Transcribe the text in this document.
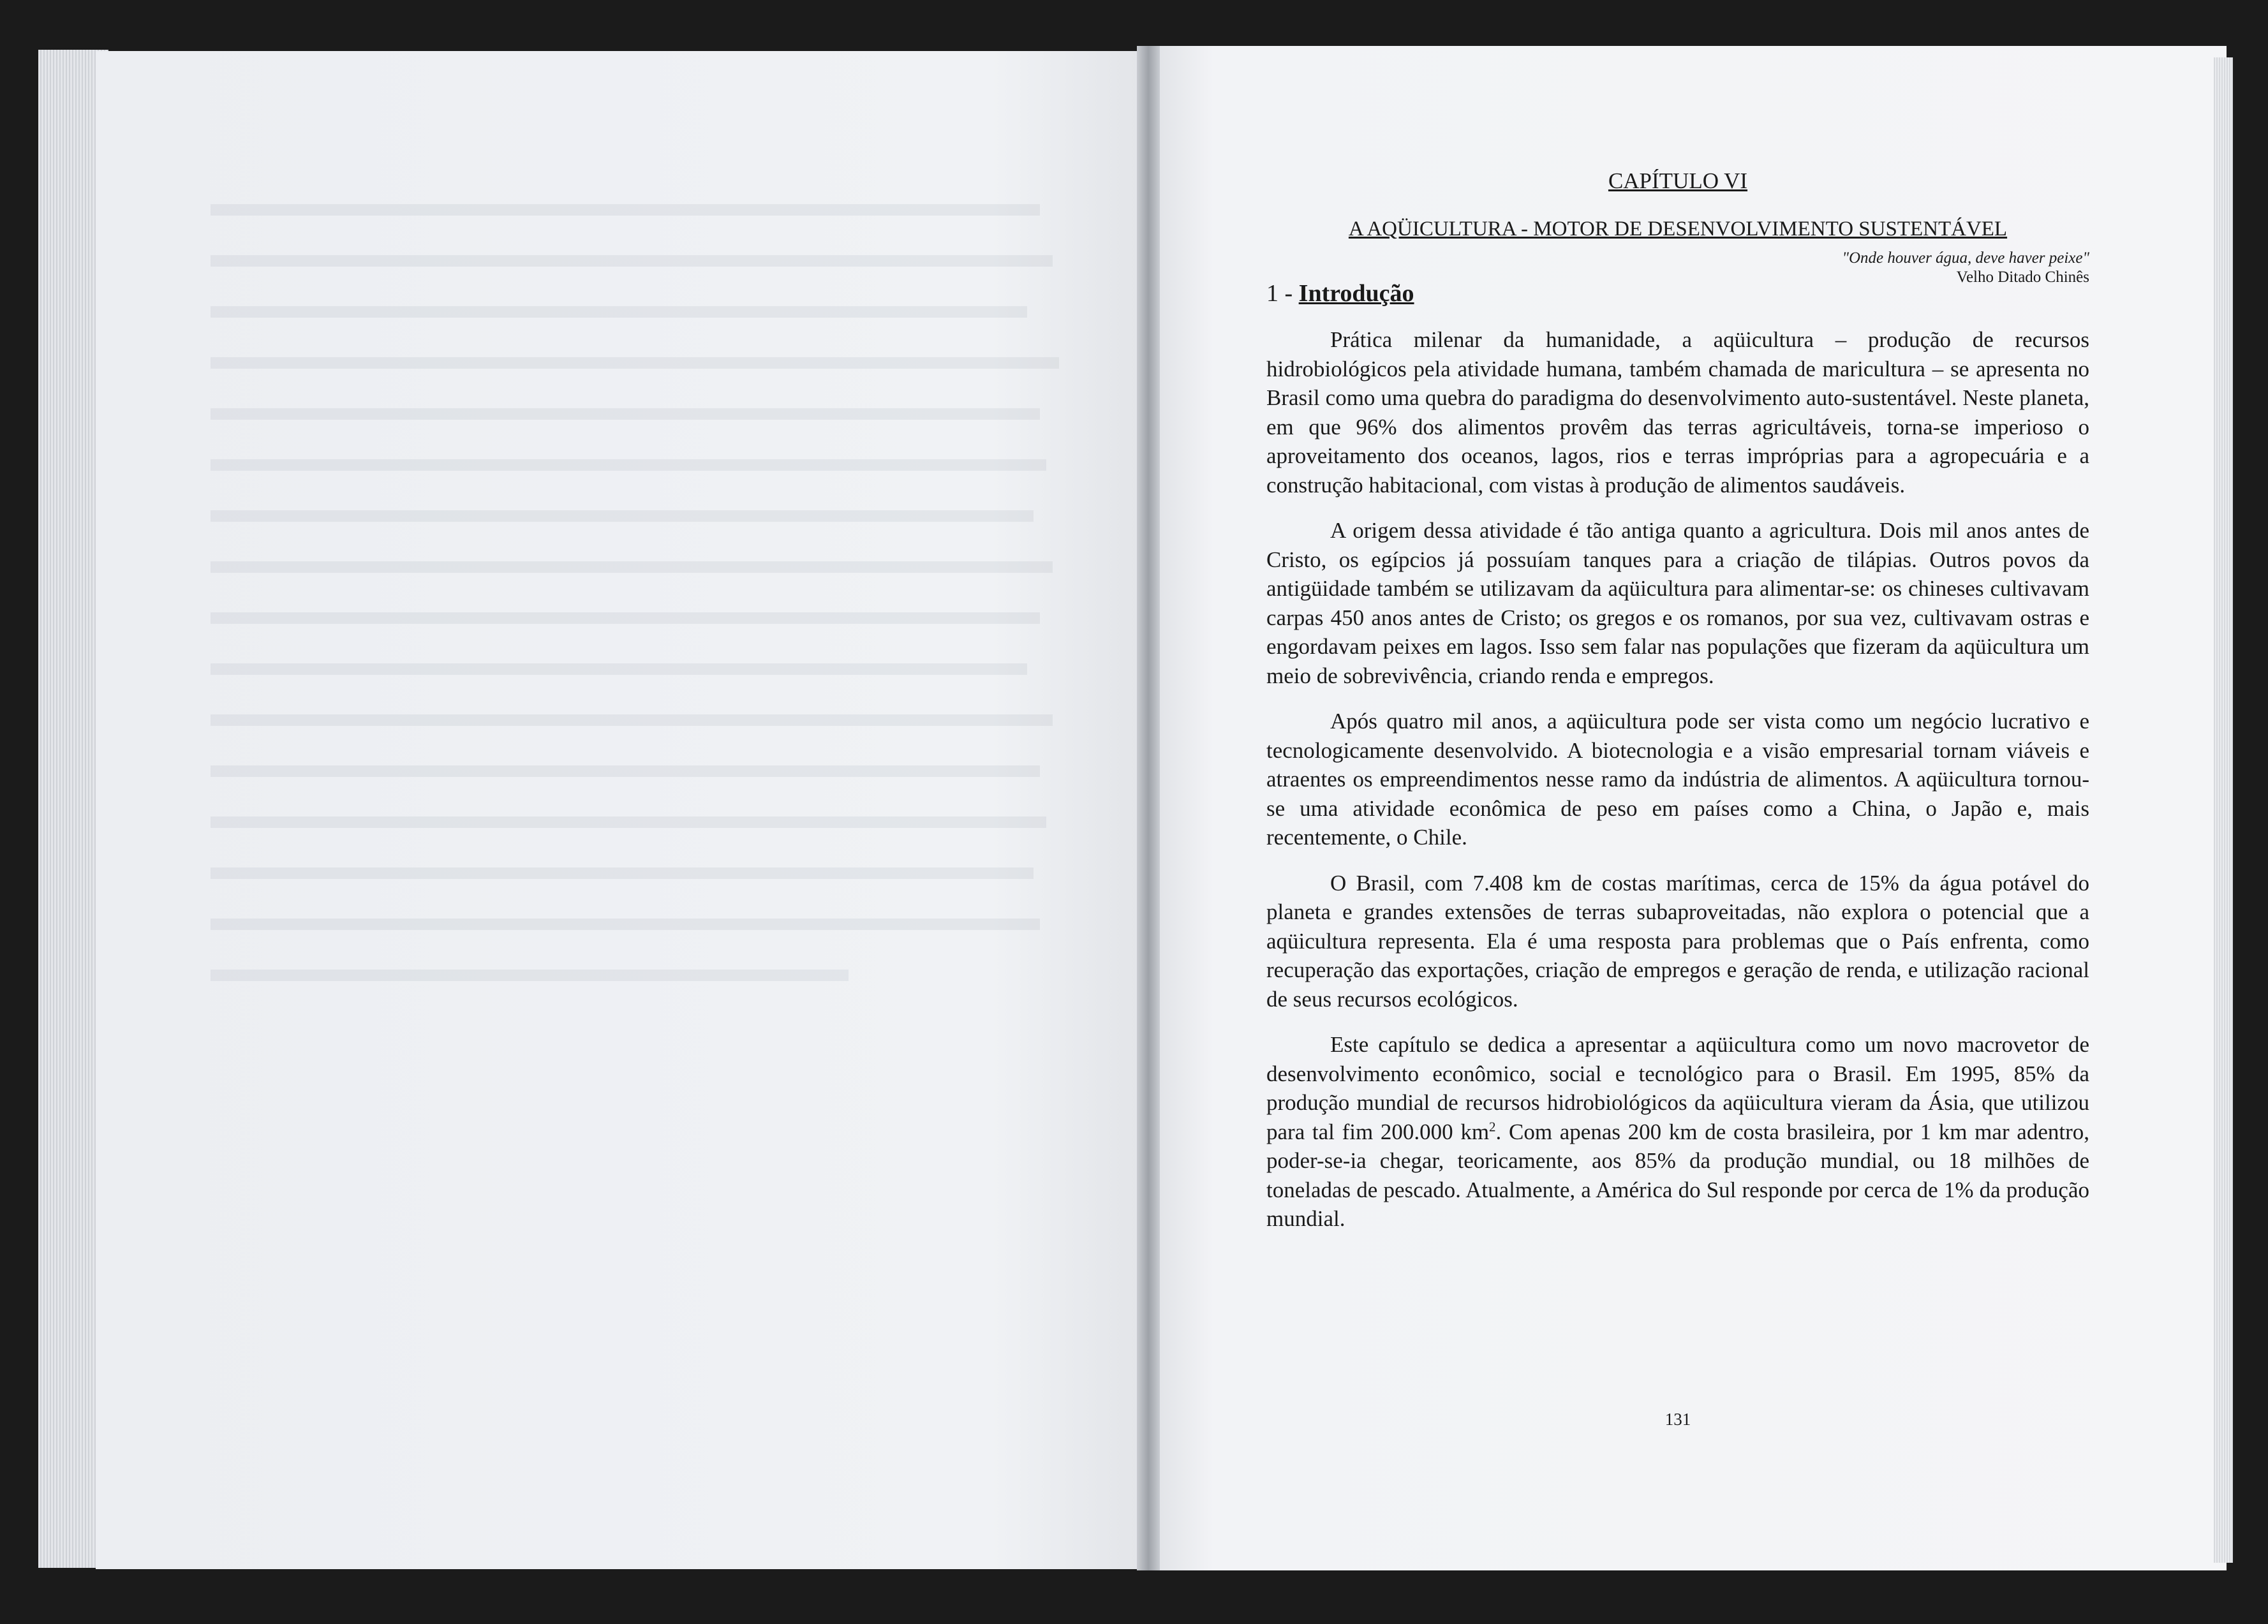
CAPÍTULO VI
A AQÜICULTURA - MOTOR DE DESENVOLVIMENTO SUSTENTÁVEL
"Onde houver água, deve haver peixe"
Velho Ditado Chinês
1 - Introdução

Prática milenar da humanidade, a aqüicultura – produção de recursos hidrobiológicos pela atividade humana, também chamada de maricultura – se apresenta no Brasil como uma quebra do paradigma do desenvolvimento auto-sustentável. Neste planeta, em que 96% dos alimentos provêm das terras agricultáveis, torna-se imperioso o aproveitamento dos oceanos, lagos, rios e terras impróprias para a agropecuária e a construção habitacional, com vistas à produção de alimentos saudáveis.

A origem dessa atividade é tão antiga quanto a agricultura. Dois mil anos antes de Cristo, os egípcios já possuíam tanques para a criação de tilápias. Outros povos da antigüidade também se utilizavam da aqüicultura para alimentar-se: os chineses cultivavam carpas 450 anos antes de Cristo; os gregos e os romanos, por sua vez, cultivavam ostras e engordavam peixes em lagos. Isso sem falar nas populações que fizeram da aqüicultura um meio de sobrevivência, criando renda e empregos.

Após quatro mil anos, a aqüicultura pode ser vista como um negócio lucrativo e tecnologicamente desenvolvido. A biotecnologia e a visão empresarial tornam viáveis e atraentes os empreendimentos nesse ramo da indústria de alimentos. A aqüicultura tornou-se uma atividade econômica de peso em países como a China, o Japão e, mais recentemente, o Chile.

O Brasil, com 7.408 km de costas marítimas, cerca de 15% da água potável do planeta e grandes extensões de terras subaproveitadas, não explora o potencial que a aqüicultura representa. Ela é uma resposta para problemas que o País enfrenta, como recuperação das exportações, criação de empregos e geração de renda, e utilização racional de seus recursos ecológicos.

Este capítulo se dedica a apresentar a aqüicultura como um novo macrovetor de desenvolvimento econômico, social e tecnológico para o Brasil. Em 1995, 85% da produção mundial de recursos hidrobiológicos da aqüicultura vieram da Ásia, que utilizou para tal fim 200.000 $km^2$. Com apenas 200 km de costa brasileira, por 1 km mar adentro, poder-se-ia chegar, teoricamente, aos 85% da produção mundial, ou 18 milhões de toneladas de pescado. Atualmente, a América do Sul responde por cerca de 1% da produção mundial.

131
